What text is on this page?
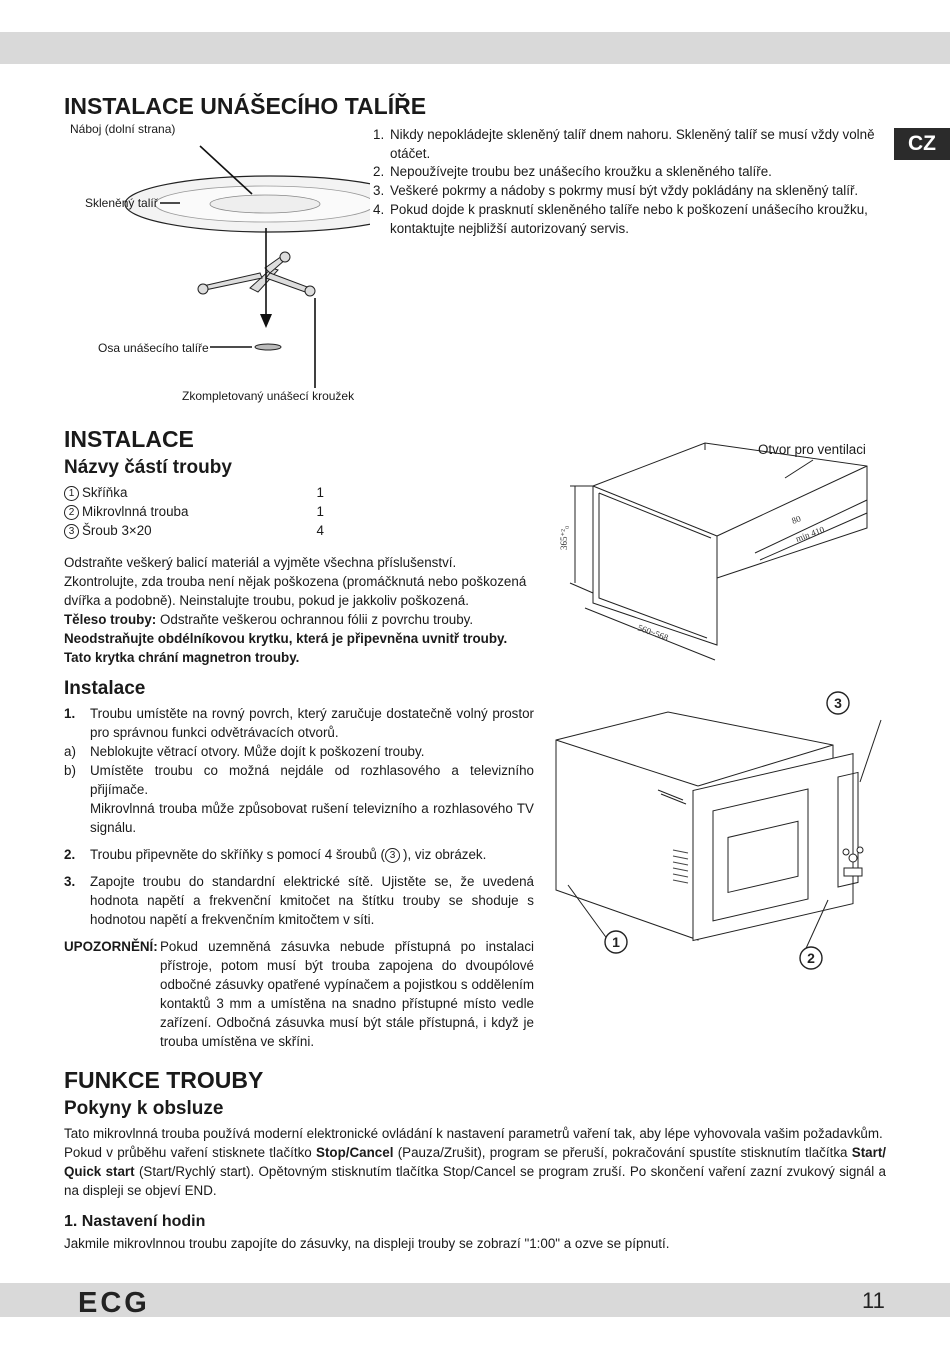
CZ
INSTALACE UNÁŠECÍHO TALÍŘE
Náboj (dolní strana)
Skleněný talíř
Osa unášecího talíře
Zkompletovaný unášecí kroužek
1. Nikdy nepokládejte skleněný talíř dnem nahoru. Skleněný talíř se musí vždy volně otáčet.
2. Nepoužívejte troubu bez unášecího kroužku a skleněného talíře.
3. Veškeré pokrmy a nádoby s pokrmy musí být vždy pokládány na skleněný talíř.
4. Pokud dojde k prasknutí skleněného talíře nebo k poškození unášecího kroužku, kontaktujte nejbližší autorizovaný servis.
INSTALACE
Názvy částí trouby
1 Skříňka	1
2 Mikrovlnná trouba	1
3 Šroub 3×20	4
Odstraňte veškerý balicí materiál a vyjměte všechna příslušenství.
Zkontrolujte, zda trouba není nějak poškozena (promáčknutá nebo poškozená dvířka a podobně). Neinstalujte troubu, pokud je jakkoliv poškozená.
Těleso trouby: Odstraňte veškerou ochrannou fólii z povrchu trouby.
Neodstraňujte obdélníkovou krytku, která je připevněna uvnitř trouby. Tato krytka chrání magnetron trouby.
Instalace
1. Troubu umístěte na rovný povrch, který zaručuje dostatečně volný prostor pro správnou funkci odvětrávacích otvorů.
a) Neblokujte větrací otvory. Může dojít k poškození trouby.
b) Umístěte troubu co možná nejdále od rozhlasového a televizního přijímače.
Mikrovlnná trouba může způsobovat rušení televizního a rozhlasového TV signálu.
2. Troubu připevněte do skříňky s pomocí 4 šroubů ( 3 ), viz obrázek.
3. Zapojte troubu do standardní elektrické sítě. Ujistěte se, že uvedená hodnota napětí a frekvenční kmitočet na štítku trouby se shoduje s hodnotou napětí a frekvenčním kmitočtem v síti.
UPOZORNĚNÍ: Pokud uzemněná zásuvka nebude přístupná po instalaci přístroje, potom musí být trouba zapojena do dvoupólové odbočné zásuvky opatřené vypínačem a pojistkou s oddělením kontaktů 3 mm a umístěna na snadno přístupné místo vedle zařízení. Odbočná zásuvka musí být stále přístupná, i když je trouba umístěna ve skříni.
365⁺²₀
560~568
80
min 410
Otvor pro ventilaci
3
1
2
FUNKCE TROUBY
Pokyny k obsluze
Tato mikrovlnná trouba používá moderní elektronické ovládání k nastavení parametrů vaření tak, aby lépe vyhovovala vašim požadavkům.
Pokud v průběhu vaření stisknete tlačítko Stop/Cancel (Pauza/Zrušit), program se přeruší, pokračování spustíte stisknutím tlačítka Start/ Quick start (Start/Rychlý start). Opětovným stisknutím tlačítka Stop/Cancel se program zruší. Po skončení vaření zazní zvukový signál a na displeji se objeví END.
1. Nastavení hodin
Jakmile mikrovlnnou troubu zapojíte do zásuvky, na displeji trouby se zobrazí "1:00" a ozve se pípnutí.
ECG	11
